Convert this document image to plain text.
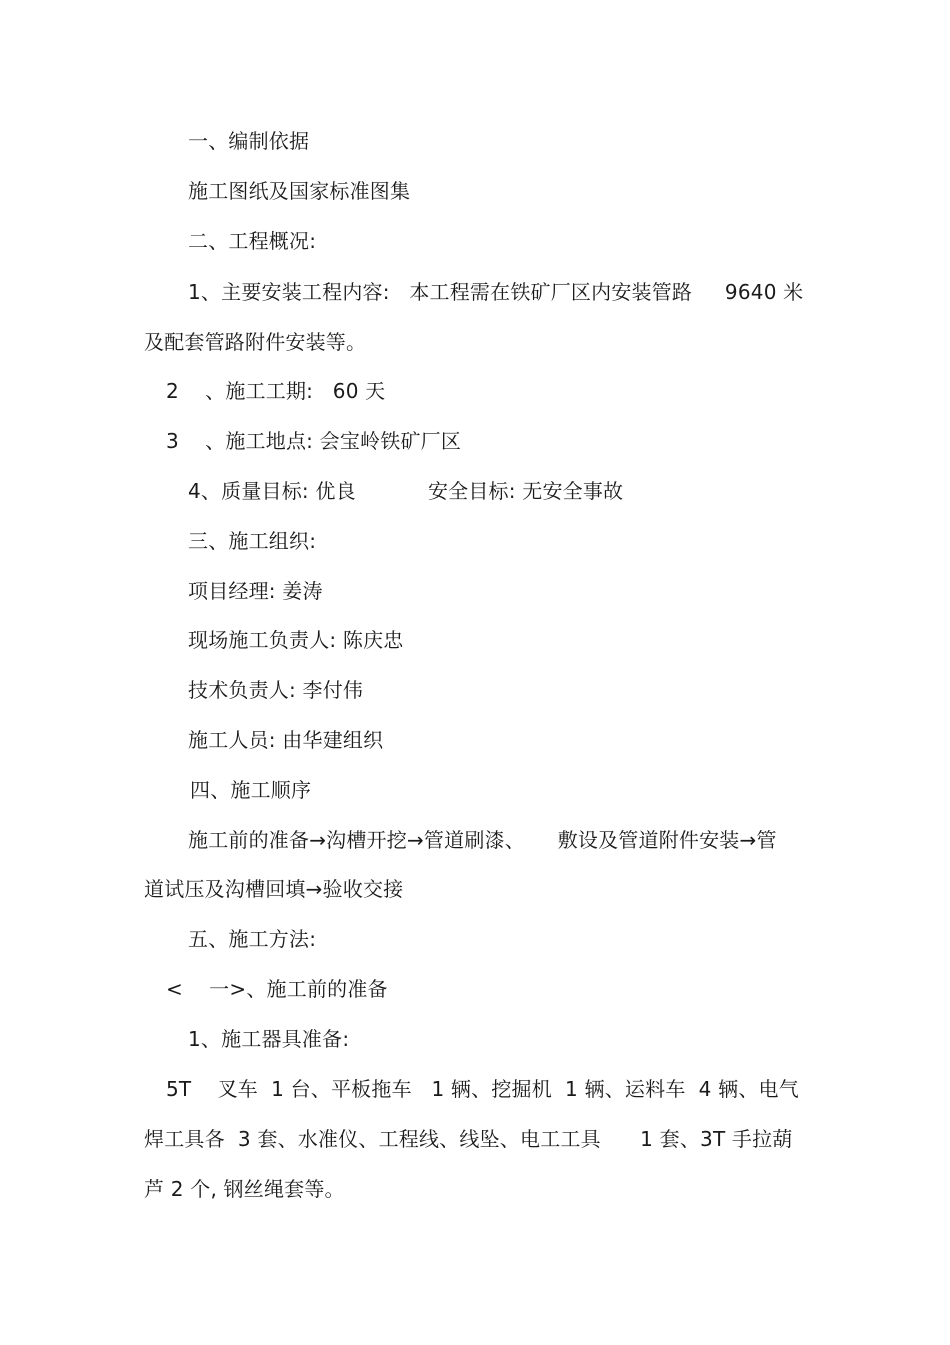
一、编制依据
施工图纸及国家标准图集
二、工程概况:
1、主要安装工程内容:   本工程需在铁矿厂区内安装管路     9640 米
及配套管路附件安装等。
2    、施工工期:   60 天
3    、施工地点: 会宝岭铁矿厂区
4、质量目标: 优良           安全目标: 无安全事故
三、施工组织:
项目经理: 姜涛
现场施工负责人: 陈庆忠
技术负责人: 李付伟
施工人员: 由华建组织
四、施工顺序
施工前的准备→沟槽开挖→管道刷漆、     敷设及管道附件安装→管
道试压及沟槽回填→验收交接
五、施工方法:
<    一>、施工前的准备
1、施工器具准备:
5T    叉车  1 台、平板拖车   1 辆、挖掘机  1 辆、运料车  4 辆、电气
焊工具各  3 套、水准仪、工程线、线坠、电工工具      1 套、3T 手拉葫
芦 2 个, 钢丝绳套等。
